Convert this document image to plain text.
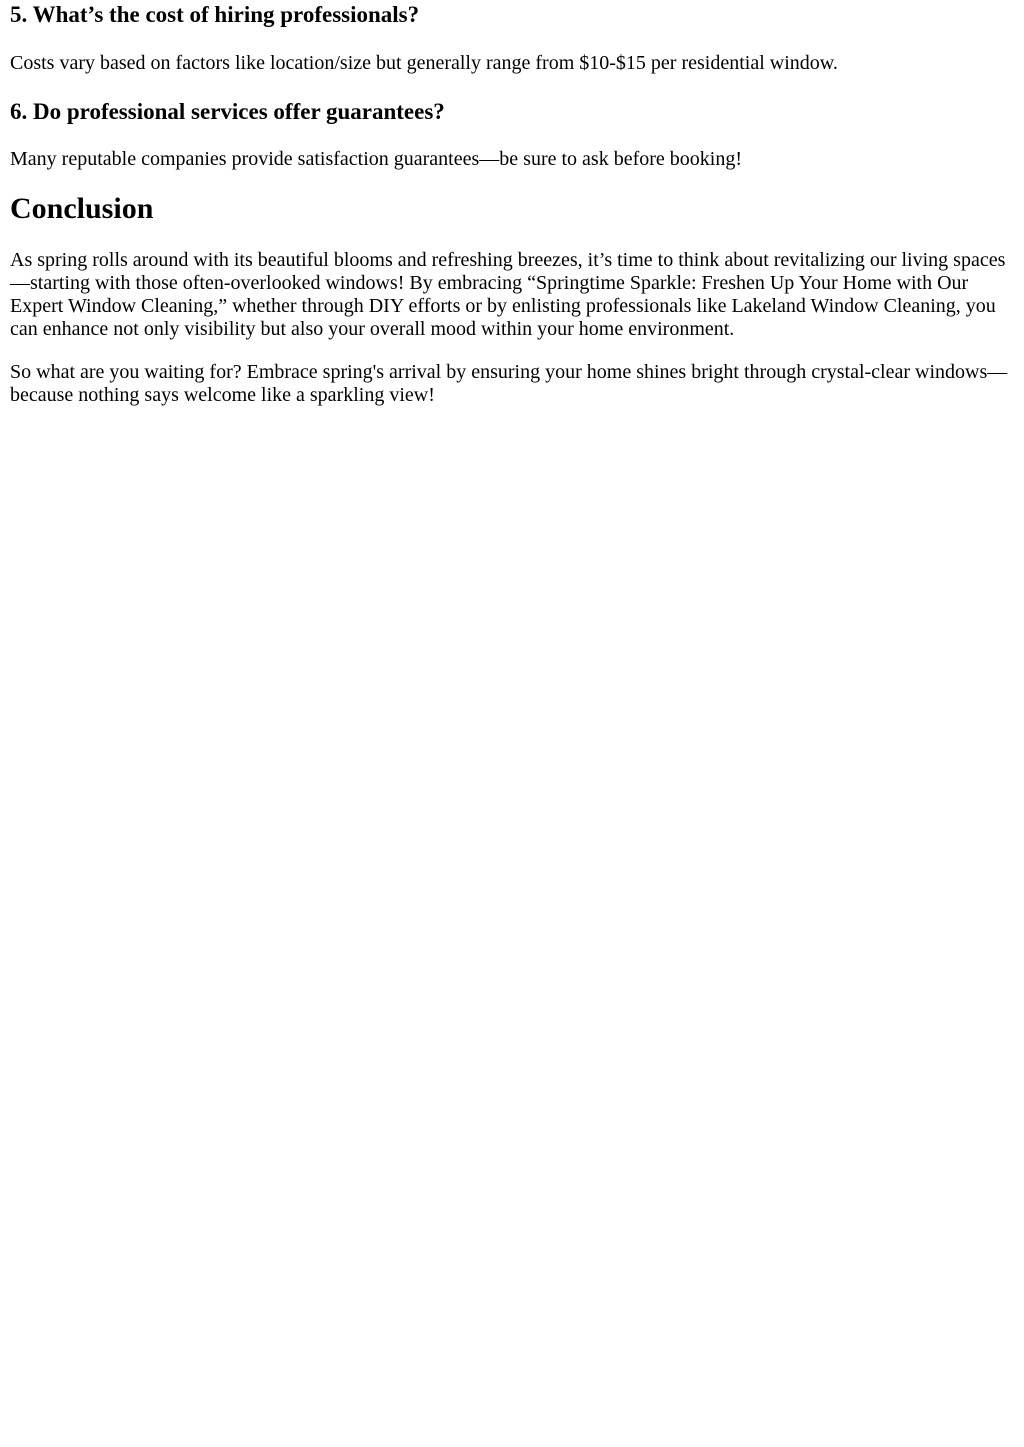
5. What’s the cost of hiring professionals?

Costs vary based on factors like location/size but generally range from $10-$15 per residential window.

6. Do professional services offer guarantees?

Many reputable companies provide satisfaction guarantees—be sure to ask before booking!

Conclusion

As spring rolls around with its beautiful blooms and refreshing breezes, it’s time to think about revitalizing our living spaces—starting with those often-overlooked windows! By embracing “Springtime Sparkle: Freshen Up Your Home with Our Expert Window Cleaning,” whether through DIY efforts or by enlisting professionals like Lakeland Window Cleaning, you can enhance not only visibility but also your overall mood within your home environment.

So what are you waiting for? Embrace spring's arrival by ensuring your home shines bright through crystal-clear windows—because nothing says welcome like a sparkling view!
